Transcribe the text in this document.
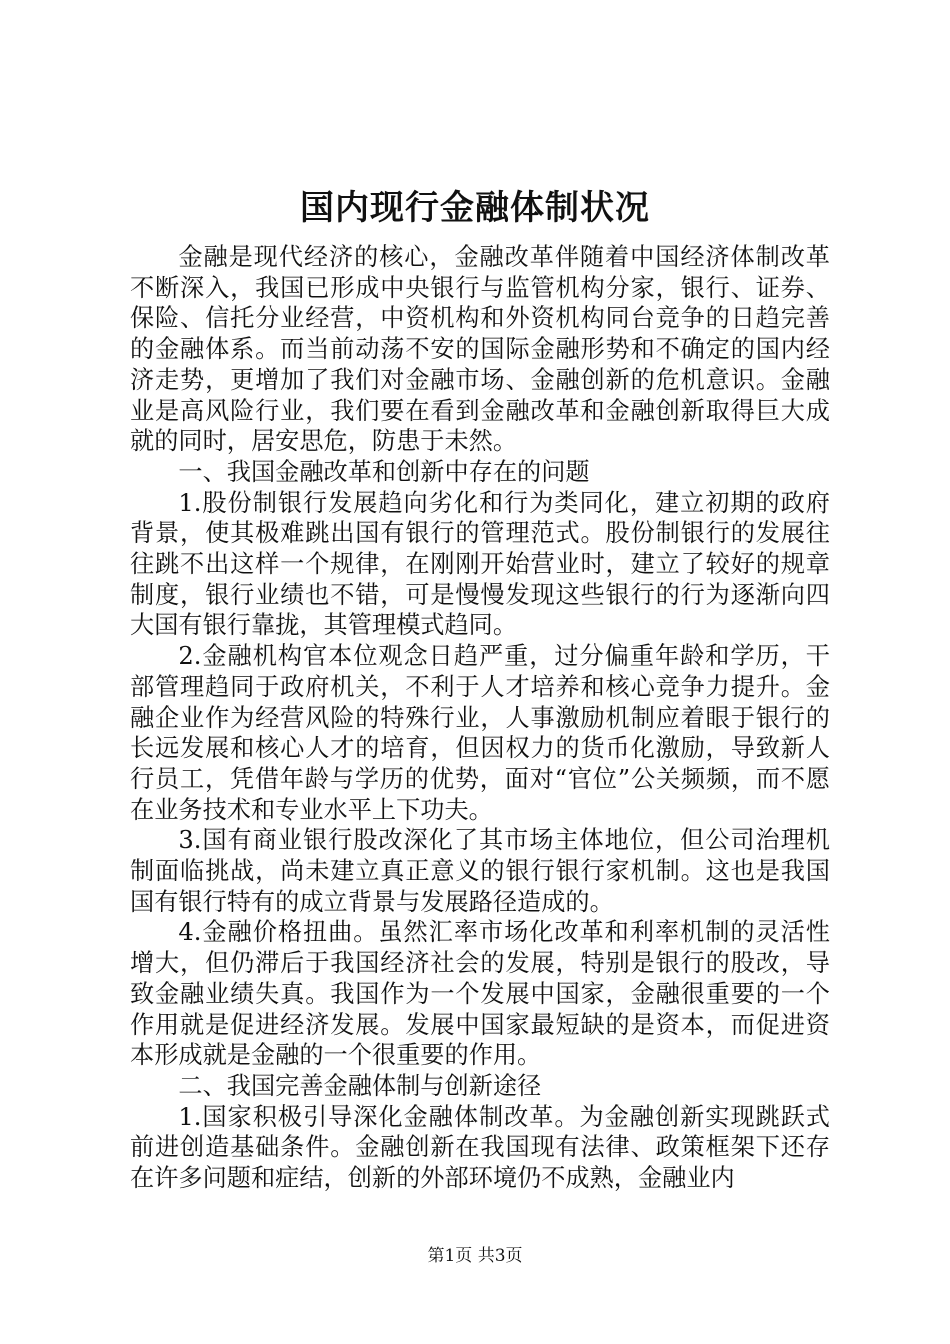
国内现行金融体制状况

金融是现代经济的核心，金融改革伴随着中国经济体制改革不断深入，我国已形成中央银行与监管机构分家，银行、证券、保险、信托分业经营，中资机构和外资机构同台竞争的日趋完善的金融体系。而当前动荡不安的国际金融形势和不确定的国内经济走势，更增加了我们对金融市场、金融创新的危机意识。金融业是高风险行业，我们要在看到金融改革和金融创新取得巨大成就的同时，居安思危，防患于未然。

一、我国金融改革和创新中存在的问题

1.股份制银行发展趋向劣化和行为类同化，建立初期的政府背景，使其极难跳出国有银行的管理范式。股份制银行的发展往往跳不出这样一个规律，在刚刚开始营业时，建立了较好的规章制度，银行业绩也不错，可是慢慢发现这些银行的行为逐渐向四大国有银行靠拢，其管理模式趋同。

2.金融机构官本位观念日趋严重，过分偏重年龄和学历，干部管理趋同于政府机关，不利于人才培养和核心竞争力提升。金融企业作为经营风险的特殊行业，人事激励机制应着眼于银行的长远发展和核心人才的培育，但因权力的货币化激励，导致新人行员工，凭借年龄与学历的优势，面对“官位”公关频频，而不愿在业务技术和专业水平上下功夫。

3.国有商业银行股改深化了其市场主体地位，但公司治理机制面临挑战，尚未建立真正意义的银行银行家机制。这也是我国国有银行特有的成立背景与发展路径造成的。

4.金融价格扭曲。虽然汇率市场化改革和利率机制的灵活性增大，但仍滞后于我国经济社会的发展，特别是银行的股改，导致金融业绩失真。我国作为一个发展中国家，金融很重要的一个作用就是促进经济发展。发展中国家最短缺的是资本，而促进资本形成就是金融的一个很重要的作用。

二、我国完善金融体制与创新途径

1.国家积极引导深化金融体制改革。为金融创新实现跳跃式前进创造基础条件。金融创新在我国现有法律、政策框架下还存在许多问题和症结，创新的外部环境仍不成熟，金融业内

第1页 共3页
